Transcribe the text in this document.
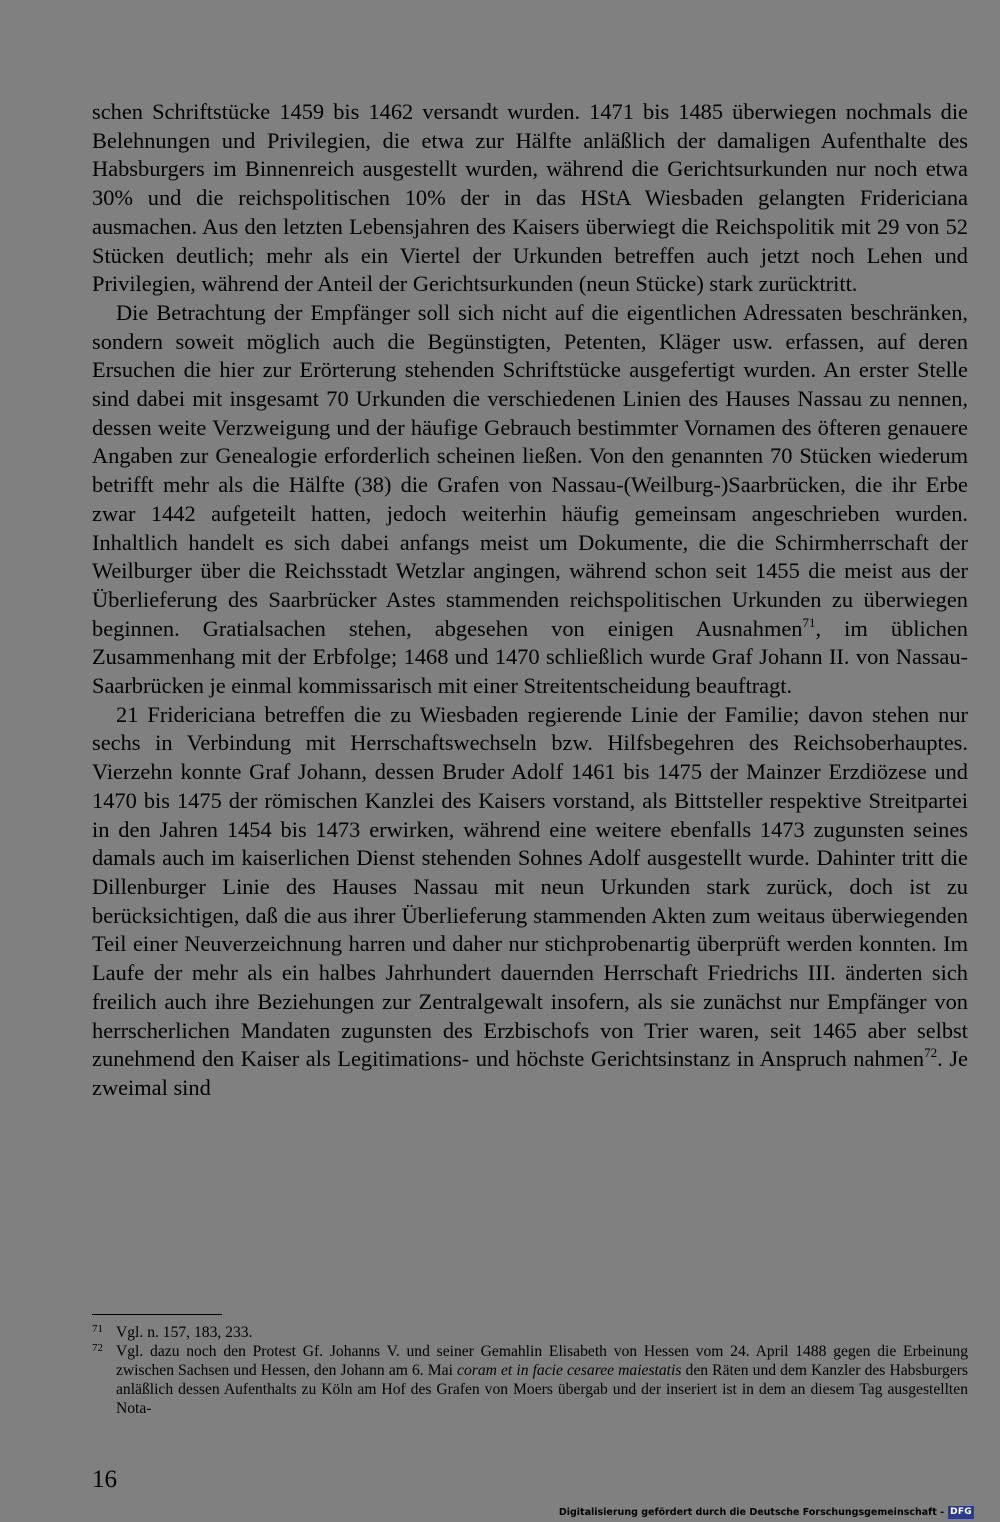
schen Schriftstücke 1459 bis 1462 versandt wurden. 1471 bis 1485 überwiegen nochmals die Belehnungen und Privilegien, die etwa zur Hälfte anläßlich der damaligen Aufenthalte des Habsburgers im Binnenreich ausgestellt wurden, während die Gerichtsurkunden nur noch etwa 30% und die reichspolitischen 10% der in das HStA Wiesbaden gelangten Fridericiana ausmachen. Aus den letzten Lebensjahren des Kaisers überwiegt die Reichspolitik mit 29 von 52 Stücken deutlich; mehr als ein Viertel der Urkunden betreffen auch jetzt noch Lehen und Privilegien, während der Anteil der Gerichtsurkunden (neun Stücke) stark zurücktritt.

Die Betrachtung der Empfänger soll sich nicht auf die eigentlichen Adressaten beschränken, sondern soweit möglich auch die Begünstigten, Petenten, Kläger usw. erfassen, auf deren Ersuchen die hier zur Erörterung stehenden Schriftstücke ausgefertigt wurden. An erster Stelle sind dabei mit insgesamt 70 Urkunden die verschiedenen Linien des Hauses Nassau zu nennen, dessen weite Verzweigung und der häufige Gebrauch bestimmter Vornamen des öfteren genauere Angaben zur Genealogie erforderlich scheinen ließen. Von den genannten 70 Stücken wiederum betrifft mehr als die Hälfte (38) die Grafen von Nassau-(Weilburg-)Saarbrücken, die ihr Erbe zwar 1442 aufgeteilt hatten, jedoch weiterhin häufig gemeinsam angeschrieben wurden. Inhaltlich handelt es sich dabei anfangs meist um Dokumente, die die Schirmherrschaft der Weilburger über die Reichsstadt Wetzlar angingen, während schon seit 1455 die meist aus der Überlieferung des Saarbrücker Astes stammenden reichspolitischen Urkunden zu überwiegen beginnen. Gratialsachen stehen, abgesehen von einigen Ausnahmen$^{71}$, im üblichen Zusammenhang mit der Erbfolge; 1468 und 1470 schließlich wurde Graf Johann II. von Nassau-Saarbrücken je einmal kommissarisch mit einer Streitentscheidung beauftragt.

21 Fridericiana betreffen die zu Wiesbaden regierende Linie der Familie; davon stehen nur sechs in Verbindung mit Herrschaftswechseln bzw. Hilfsbegehren des Reichsoberhauptes. Vierzehn konnte Graf Johann, dessen Bruder Adolf 1461 bis 1475 der Mainzer Erzdiözese und 1470 bis 1475 der römischen Kanzlei des Kaisers vorstand, als Bittsteller respektive Streitpartei in den Jahren 1454 bis 1473 erwirken, während eine weitere ebenfalls 1473 zugunsten seines damals auch im kaiserlichen Dienst stehenden Sohnes Adolf ausgestellt wurde. Dahinter tritt die Dillenburger Linie des Hauses Nassau mit neun Urkunden stark zurück, doch ist zu berücksichtigen, daß die aus ihrer Überlieferung stammenden Akten zum weitaus überwiegenden Teil einer Neuverzeichnung harren und daher nur stichprobenartig überprüft werden konnten. Im Laufe der mehr als ein halbes Jahrhundert dauernden Herrschaft Friedrichs III. änderten sich freilich auch ihre Beziehungen zur Zentralgewalt insofern, als sie zunächst nur Empfänger von herrscherlichen Mandaten zugunsten des Erzbischofs von Trier waren, seit 1465 aber selbst zunehmend den Kaiser als Legitimations- und höchste Gerichtsinstanz in Anspruch nahmen$^{72}$. Je zweimal sind

71 Vgl. n. 157, 183, 233.

72 Vgl. dazu noch den Protest Gf. Johanns V. und seiner Gemahlin Elisabeth von Hessen vom 24. April 1488 gegen die Erbeinung zwischen Sachsen und Hessen, den Johann am 6. Mai coram et in facie cesaree maiestatis den Räten und dem Kanzler des Habsburgers anläßlich dessen Aufenthalts zu Köln am Hof des Grafen von Moers übergab und der inseriert ist in dem an diesem Tag ausgestellten Nota-

16
Digitalisierung gefördert durch die Deutsche Forschungsgemeinschaft - DFG
